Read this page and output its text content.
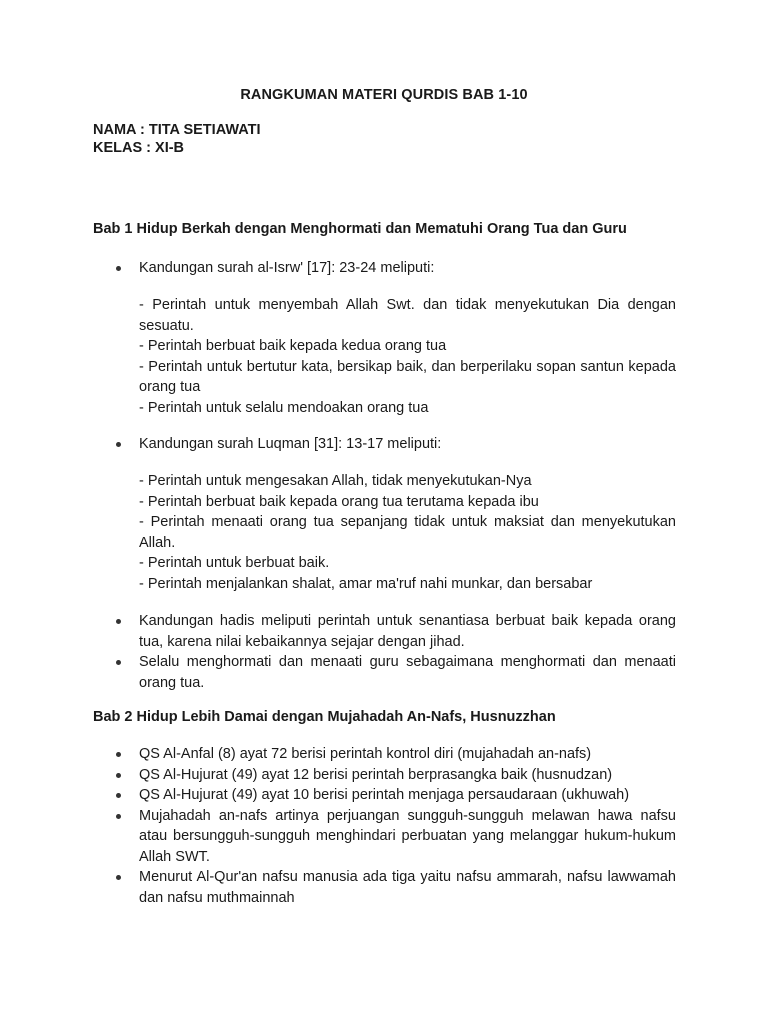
RANGKUMAN MATERI QURDIS BAB 1-10
NAMA : TITA SETIAWATI
KELAS : XI-B
Bab 1 Hidup Berkah dengan Menghormati dan Mematuhi Orang Tua dan Guru
Kandungan surah al-Isrw' [17]: 23-24 meliputi:
- Perintah untuk menyembah Allah Swt. dan tidak menyekutukan Dia dengan sesuatu.
- Perintah berbuat baik kepada kedua orang tua
- Perintah untuk bertutur kata, bersikap baik, dan berperilaku sopan santun kepada orang tua
- Perintah untuk selalu mendoakan orang tua
Kandungan surah Luqman [31]: 13-17 meliputi:
- Perintah untuk mengesakan Allah, tidak menyekutukan-Nya
- Perintah berbuat baik kepada orang tua terutama kepada ibu
- Perintah menaati orang tua sepanjang tidak untuk maksiat dan menyekutukan Allah.
- Perintah untuk berbuat baik.
- Perintah menjalankan shalat, amar ma'ruf nahi munkar, dan bersabar
Kandungan hadis meliputi perintah untuk senantiasa berbuat baik kepada orang tua, karena nilai kebaikannya sejajar dengan jihad.
Selalu menghormati dan menaati guru sebagaimana menghormati dan menaati orang tua.
Bab 2 Hidup Lebih Damai dengan Mujahadah An-Nafs, Husnuzzhan
QS Al-Anfal (8) ayat 72 berisi perintah kontrol diri (mujahadah an-nafs)
QS Al-Hujurat (49) ayat 12 berisi perintah berprasangka baik (husnudzan)
QS Al-Hujurat (49) ayat 10 berisi perintah menjaga persaudaraan (ukhuwah)
Mujahadah an-nafs artinya perjuangan sungguh-sungguh melawan hawa nafsu atau bersungguh-sungguh menghindari perbuatan yang melanggar hukum-hukum Allah SWT.
Menurut Al-Qur'an nafsu manusia ada tiga yaitu nafsu ammarah, nafsu lawwamah dan nafsu muthmainnah
